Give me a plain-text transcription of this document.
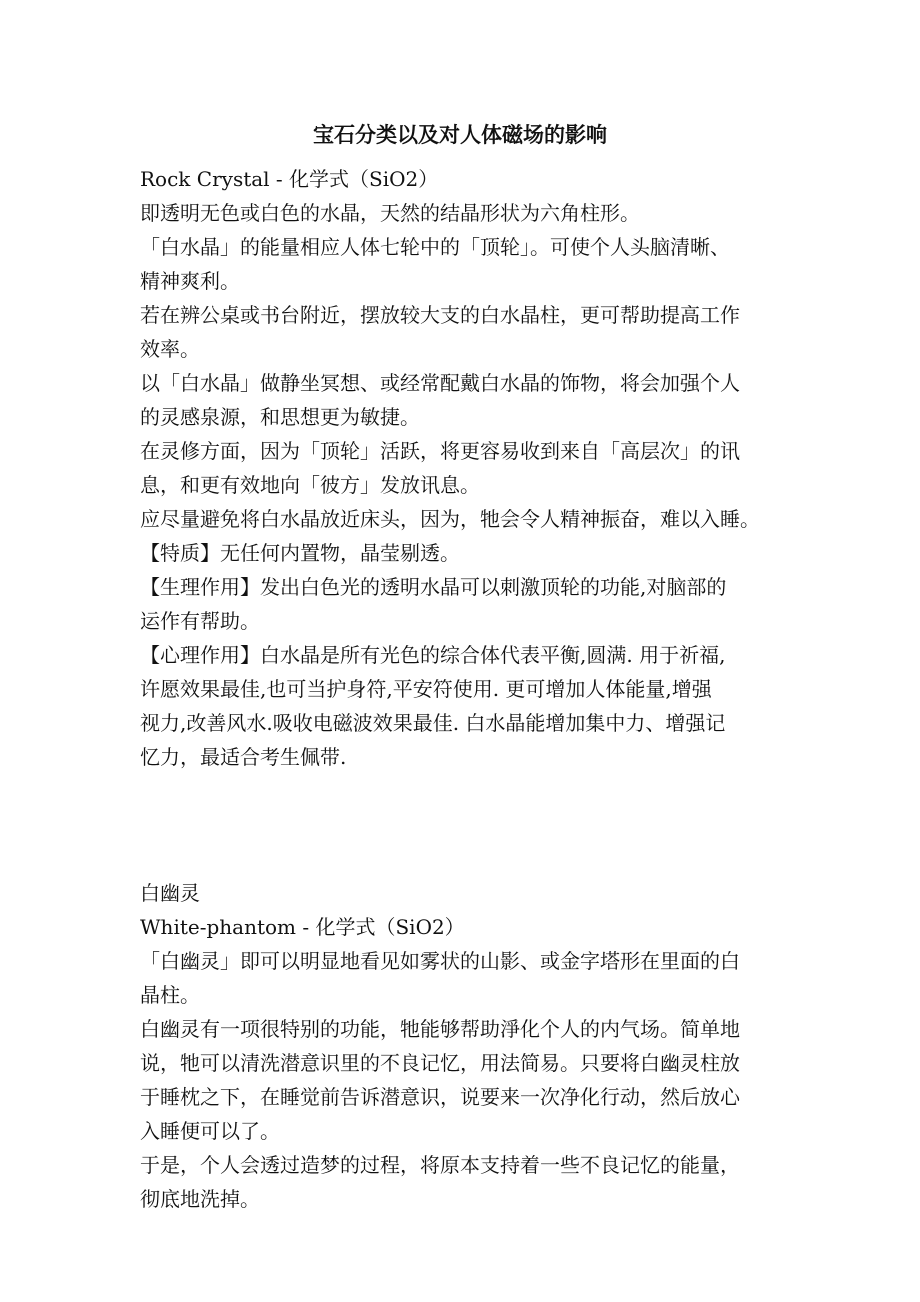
宝石分类以及对人体磁场的影响
Rock Crystal - 化学式（SiO2）
即透明无色或白色的水晶，天然的结晶形状为六角柱形。
「白水晶」的能量相应人体七轮中的「顶轮」。可使个人头脑清晰、
精神爽利。
若在辨公桌或书台附近，摆放较大支的白水晶柱，更可帮助提高工作
效率。
以「白水晶」做静坐冥想、或经常配戴白水晶的饰物，将会加强个人
的灵感泉源，和思想更为敏捷。
在灵修方面，因为「顶轮」活跃，将更容易收到来自「高层次」的讯
息，和更有效地向「彼方」发放讯息。
应尽量避免将白水晶放近床头，因为，牠会令人精神振奋，难以入睡。
【特质】无任何内置物，晶莹剔透。
【生理作用】发出白色光的透明水晶可以刺激顶轮的功能,对脑部的
运作有帮助。
【心理作用】白水晶是所有光色的综合体代表平衡,圆满. 用于祈福,
许愿效果最佳,也可当护身符,平安符使用. 更可增加人体能量,增强
视力,改善风水.吸收电磁波效果最佳. 白水晶能增加集中力、增强记
忆力，最适合考生佩带.
白幽灵
White-phantom - 化学式（SiO2）
「白幽灵」即可以明显地看见如雾状的山影、或金字塔形在里面的白
晶柱。
白幽灵有一项很特别的功能，牠能够帮助淨化个人的内气场。简单地
说，牠可以清洗潜意识里的不良记忆，用法简易。只要将白幽灵柱放
于睡枕之下，在睡觉前告诉潜意识，说要来一次净化行动，然后放心
入睡便可以了。
于是，个人会透过造梦的过程，将原本支持着一些不良记忆的能量，
彻底地洗掉。
